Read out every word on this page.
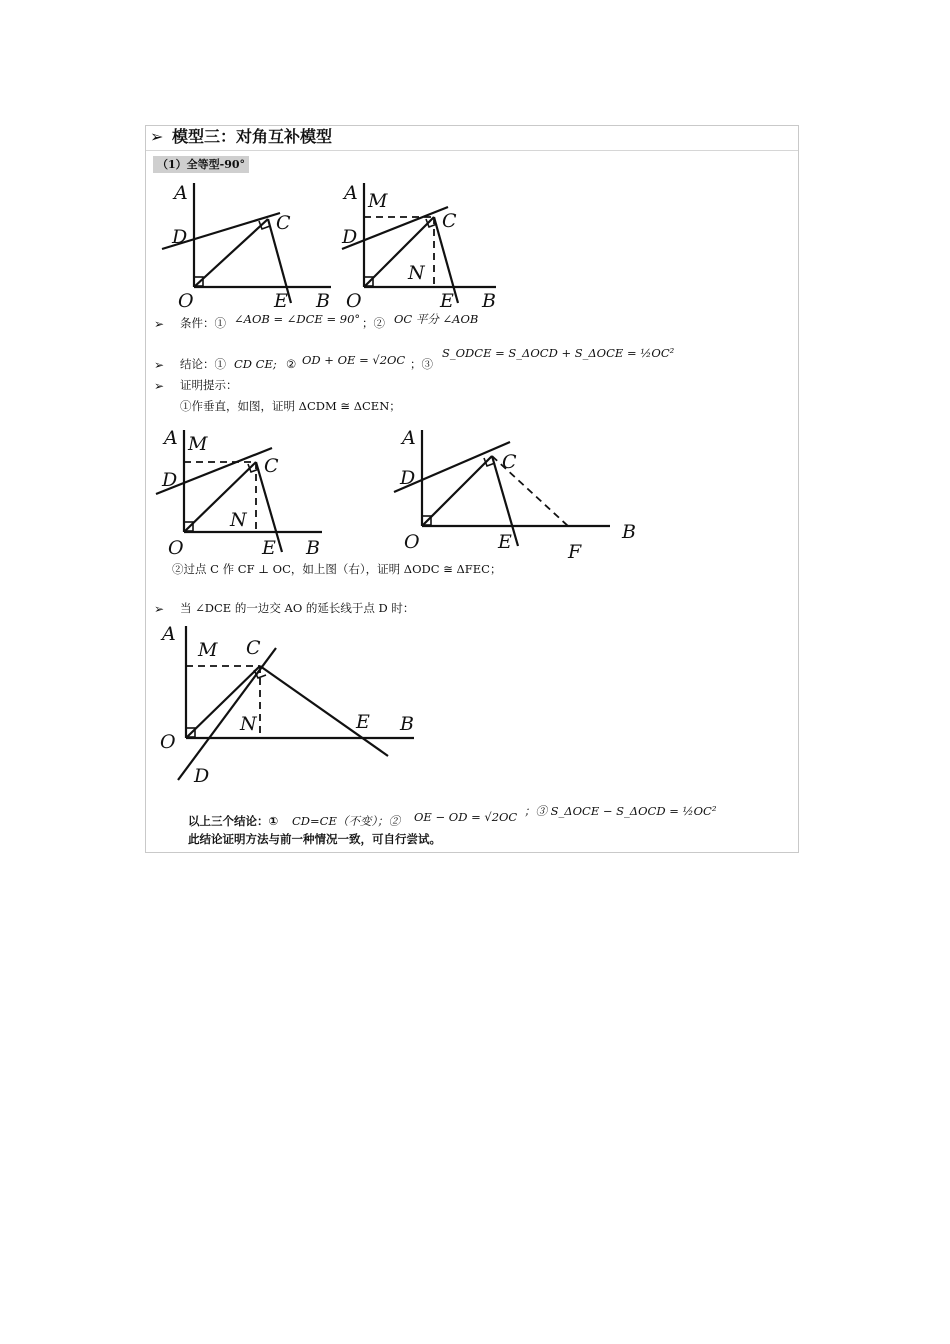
➢ 模型三：对角互补模型
（1）全等型-90°
A
D
C
O	E B
A M
D
C
N
O	E B
➢ 条件：① ∠AOB = ∠DCE = 90° ；② OC 平分 ∠AOB
➢ 结论：① CD CE; ② OD + OE = √2OC ；③
S_ODCE = S_ΔOCD + S_ΔOCE = ½OC²
➢ 证明提示：
①作垂直，如图，证明 ΔCDM ≅ ΔCEN；
A M
D
C
N
O	E B
A
D
C
O	E	F
B
②过点 C 作 CF ⊥ OC，如上图（右），证明 ΔODC ≅ ΔFEC；
➢ 当 ∠DCE 的一边交 AO 的延长线于点 D 时：
A
M C
N
O
E B
D
以上三个结论：① CD=CE（不变）；② OE − OD = √2OC ；③ S_ΔOCE − S_ΔOCD = ½OC²
此结论证明方法与前一种情况一致，可自行尝试。
